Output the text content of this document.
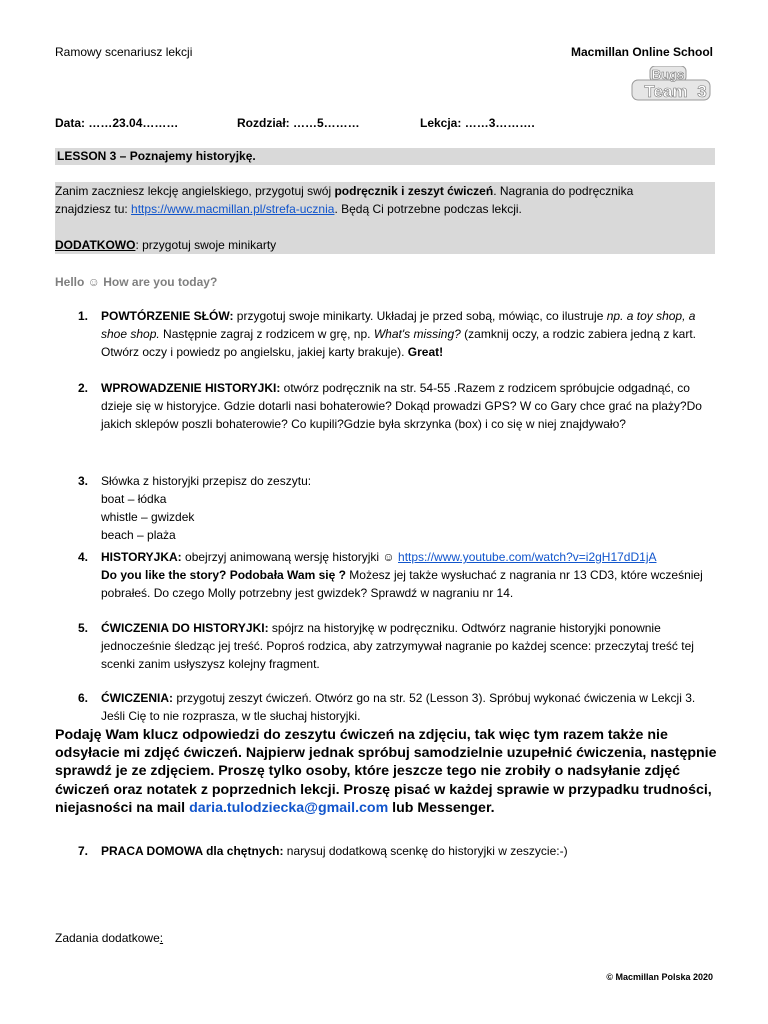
Ramowy scenariusz lekcji	Macmillan Online School
Bugs
Team 3
Data: ……23.04………	Rozdział: ……5………	Lekcja: ……3……….
LESSON 3 – Poznajemy historyjkę.

Zanim zaczniesz lekcję angielskiego, przygotuj swój podręcznik i zeszyt ćwiczeń. Nagrania do podręcznika

znajdziesz tu: https://www.macmillan.pl/strefa-ucznia. Będą Ci potrzebne podczas lekcji.

DODATKOWO: przygotuj swoje minikarty

Hello ☺ How are you today?
1. POWTÓRZENIE SŁÓW: przygotuj swoje minikarty. Układaj je przed sobą, mówiąc, co ilustruje np. a toy shop, a shoe shop. Następnie zagraj z rodzicem w grę, np. What's missing? (zamknij oczy, a rodzic zabiera jedną z kart. Otwórz oczy i powiedz po angielsku, jakiej karty brakuje). Great!

2. WPROWADZENIE HISTORYJKI: otwórz podręcznik na str. 54-55 .Razem z rodzicem spróbujcie odgadnąć, co dzieje się w historyjce. Gdzie dotarli nasi bohaterowie? Dokąd prowadzi GPS? W co Gary chce grać na plaży?Do jakich sklepów poszli bohaterowie? Co kupili?Gdzie była skrzynka (box) i co się w niej znajdywało?

3. Słówka z historyjki przepisz do zeszytu:

boat – łódka

whistle – gwizdek

beach – plaża

4. HISTORYJKA: obejrzyj animowaną wersję historyjki ☺ https://www.youtube.com/watch?v=i2gH17dD1jA
Do you like the story? Podobała Wam się ? Możesz jej także wysłuchać z nagrania nr 13 CD3, które wcześniej pobrałeś. Do czego Molly potrzebny jest gwizdek? Sprawdź w nagraniu nr 14.

5. ĆWICZENIA DO HISTORYJKI: spójrz na historyjkę w podręczniku. Odtwórz nagranie historyjki ponownie jednocześnie śledząc jej treść. Poproś rodzica, aby zatrzymywał nagranie po każdej scence: przeczytaj treść tej scenki zanim usłyszysz kolejny fragment.

6. ĆWICZENIA: przygotuj zeszyt ćwiczeń. Otwórz go na str. 52 (Lesson 3). Spróbuj wykonać ćwiczenia w Lekcji 3. Jeśli Cię to nie rozprasza, w tle słuchaj historyjki.

Podaję Wam klucz odpowiedzi do zeszytu ćwiczeń na zdjęciu, tak więc tym razem także nie odsyłacie mi zdjęć ćwiczeń. Najpierw jednak spróbuj samodzielnie uzupełnić ćwiczenia, następnie sprawdź je ze zdjęciem. Proszę tylko osoby, które jeszcze tego nie zrobiły o nadsyłanie zdjęć ćwiczeń oraz notatek z poprzednich lekcji. Proszę pisać w każdej sprawie w przypadku trudności, niejasności na mail daria.tulodziecka@gmail.com lub Messenger.
7. PRACA DOMOWA dla chętnych: narysuj dodatkową scenkę do historyjki w zeszycie:-)

Zadania dodatkowe:
© Macmillan Polska 2020
